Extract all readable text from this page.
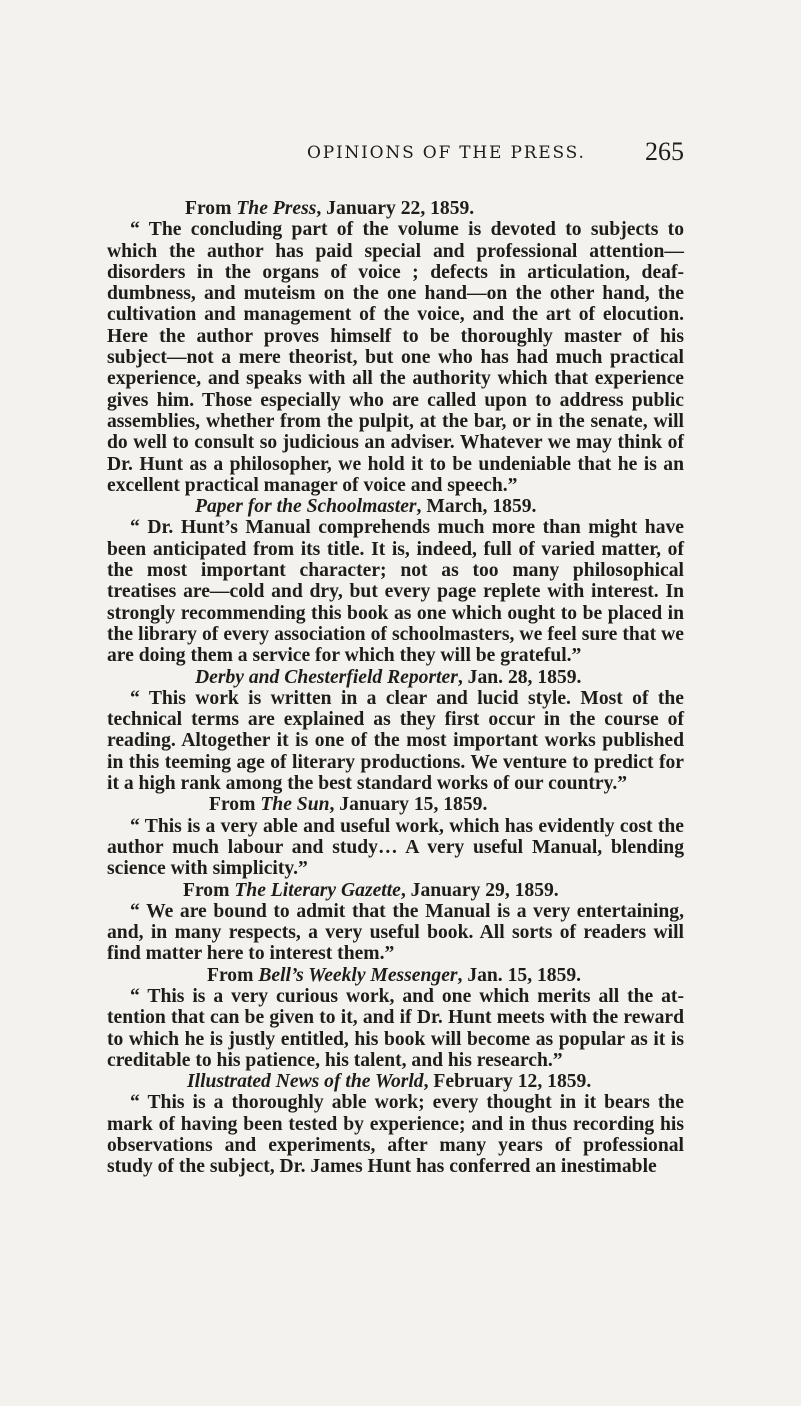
OPINIONS OF THE PRESS. 265

From The Press, January 22, 1859.

“ The concluding part of the volume is devoted to subjects to which the author has paid special and professional attention— disorders in the organs of voice ; defects in articulation, deaf-dumbness, and muteism on the one hand—on the other hand, the cultivation and management of the voice, and the art of elocution. Here the author proves himself to be thoroughly master of his subject—not a mere theorist, but one who has had much practical experience, and speaks with all the authority which that experience gives him. Those especially who are called upon to address public assemblies, whether from the pulpit, at the bar, or in the senate, will do well to consult so judicious an adviser. Whatever we may think of Dr. Hunt as a philosopher, we hold it to be undeniable that he is an excellent practical manager of voice and speech.”

Paper for the Schoolmaster, March, 1859.

“ Dr. Hunt’s Manual comprehends much more than might have been anticipated from its title. It is, indeed, full of varied matter, of the most important character; not as too many philosophical treatises are—cold and dry, but every page replete with interest. In strongly recommending this book as one which ought to be placed in the library of every association of schoolmasters, we feel sure that we are doing them a service for which they will be grateful.”

Derby and Chesterfield Reporter, Jan. 28, 1859.

“ This work is written in a clear and lucid style. Most of the technical terms are explained as they first occur in the course of reading. Altogether it is one of the most important works published in this teeming age of literary productions. We venture to predict for it a high rank among the best standard works of our country.”

From The Sun, January 15, 1859.

“ This is a very able and useful work, which has evidently cost the author much labour and study… A very useful Manual, blending science with simplicity.”

From The Literary Gazette, January 29, 1859.

“ We are bound to admit that the Manual is a very entertaining, and, in many respects, a very useful book. All sorts of readers will find matter here to interest them.”

From Bell’s Weekly Messenger, Jan. 15, 1859.

“ This is a very curious work, and one which merits all the attention that can be given to it, and if Dr. Hunt meets with the reward to which he is justly entitled, his book will become as popular as it is creditable to his patience, his talent, and his research.”

Illustrated News of the World, February 12, 1859.

“ This is a thoroughly able work; every thought in it bears the mark of having been tested by experience; and in thus recording his observations and experiments, after many years of professional study of the subject, Dr. James Hunt has conferred an inestimable
